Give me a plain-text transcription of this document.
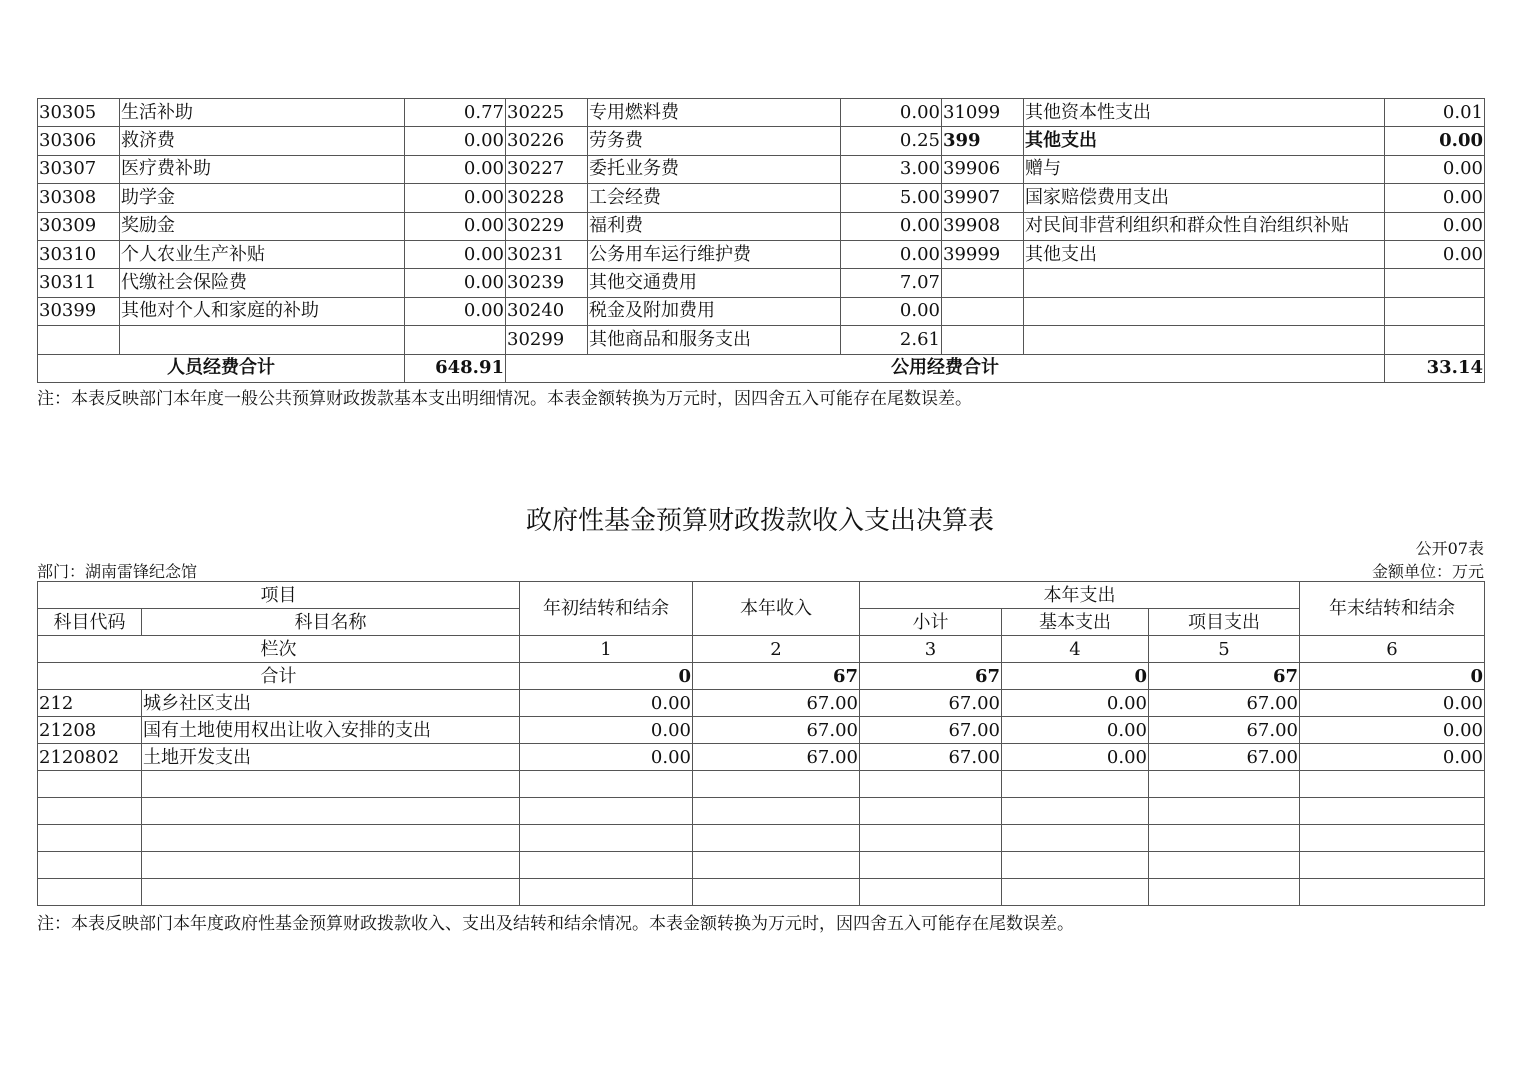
30305	生活补助	0.77	30225	专用燃料费	0.00	31099	其他资本性支出	0.01
30306	救济费	0.00	30226	劳务费	0.25	399	其他支出	0.00
30307	医疗费补助	0.00	30227	委托业务费	3.00	39906	赠与	0.00
30308	助学金	0.00	30228	工会经费	5.00	39907	国家赔偿费用支出	0.00
30309	奖励金	0.00	30229	福利费	0.00	39908	对民间非营利组织和群众性自治组织补贴	0.00
30310	个人农业生产补贴	0.00	30231	公务用车运行维护费	0.00	39999	其他支出	0.00
30311	代缴社会保险费	0.00	30239	其他交通费用	7.07			
30399	其他对个人和家庭的补助	0.00	30240	税金及附加费用	0.00			
			30299	其他商品和服务支出	2.61			
人员经费合计		648.91	公用经费合计					33.14
注：本表反映部门本年度一般公共预算财政拨款基本支出明细情况。本表金额转换为万元时，因四舍五入可能存在尾数误差。
政府性基金预算财政拨款收入支出决算表
公开07表
部门：湖南雷锋纪念馆	金额单位：万元
项目		年初结转和结余	本年收入	本年支出			年末结转和结余
科目代码	科目名称			小计	基本支出	项目支出	
栏次		1	2	3	4	5	6
合计		0	67	67	0	67	0
212	城乡社区支出	0.00	67.00	67.00	0.00	67.00	0.00
21208	国有土地使用权出让收入安排的支出	0.00	67.00	67.00	0.00	67.00	0.00
2120802	土地开发支出	0.00	67.00	67.00	0.00	67.00	0.00

注：本表反映部门本年度政府性基金预算财政拨款收入、支出及结转和结余情况。本表金额转换为万元时，因四舍五入可能存在尾数误差。
